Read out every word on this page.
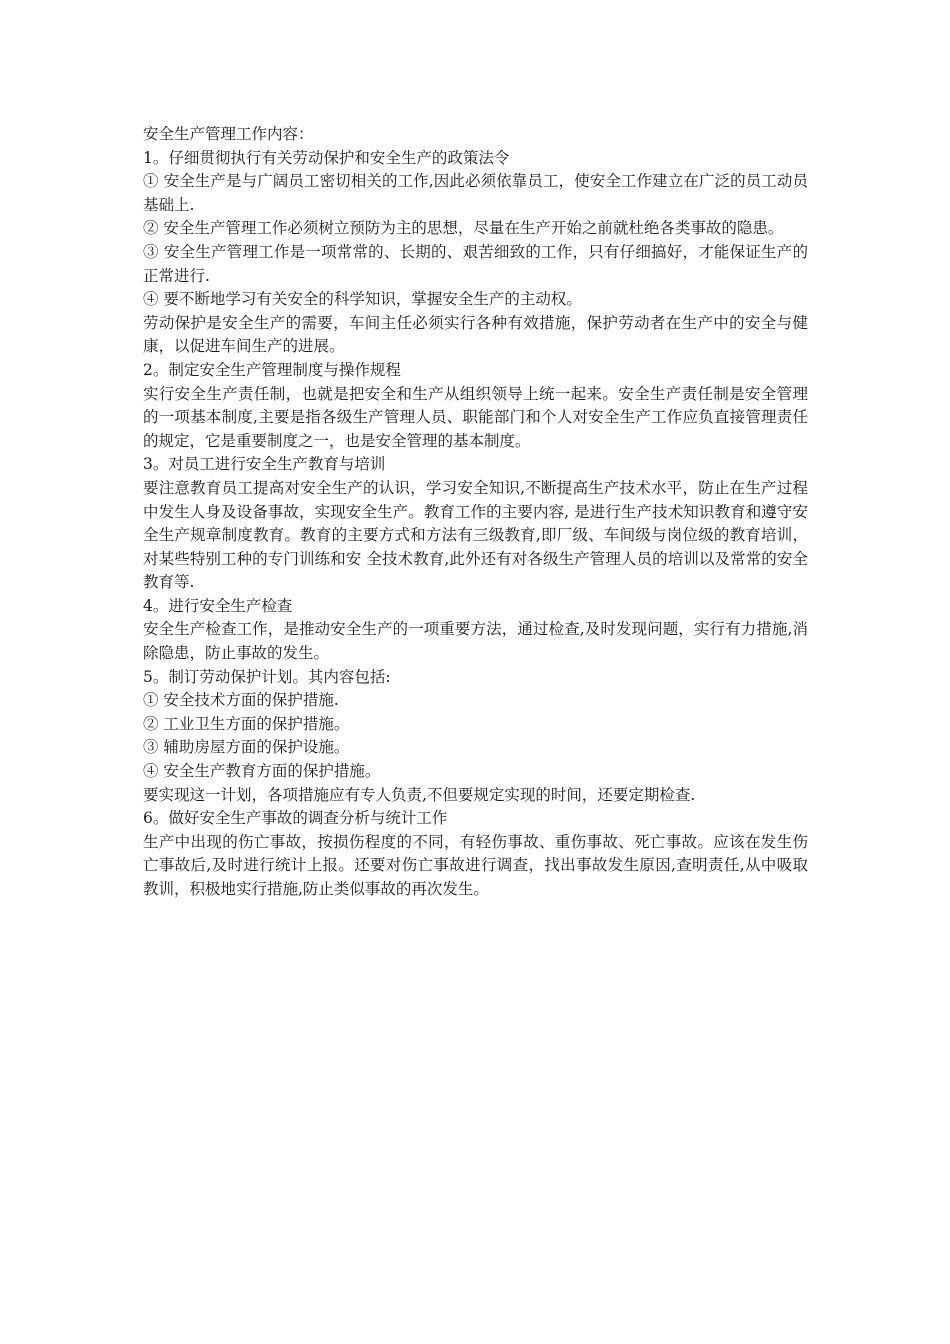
安全生产管理工作内容：

1。仔细贯彻执行有关劳动保护和安全生产的政策法令

① 安全生产是与广阔员工密切相关的工作,因此必须依靠员工，使安全工作建立在广泛的员工动员基础上.

② 安全生产管理工作必须树立预防为主的思想，尽量在生产开始之前就杜绝各类事故的隐患。

③ 安全生产管理工作是一项常常的、长期的、艰苦细致的工作，只有仔细搞好，才能保证生产的正常进行.

④ 要不断地学习有关安全的科学知识，掌握安全生产的主动权。

劳动保护是安全生产的需要，车间主任必须实行各种有效措施，保护劳动者在生产中的安全与健康，以促进车间生产的进展。

2。制定安全生产管理制度与操作规程

实行安全生产责任制，也就是把安全和生产从组织领导上统一起来。安全生产责任制是安全管理的一项基本制度,主要是指各级生产管理人员、职能部门和个人对安全生产工作应负直接管理责任的规定，它是重要制度之一，也是安全管理的基本制度。

3。对员工进行安全生产教育与培训

要注意教育员工提高对安全生产的认识，学习安全知识,不断提高生产技术水平，防止在生产过程中发生人身及设备事故，实现安全生产。教育工作的主要内容, 是进行生产技术知识教育和遵守安全生产规章制度教育。教育的主要方式和方法有三级教育,即厂级、车间级与岗位级的教育培训，对某些特别工种的专门训练和安 全技术教育,此外还有对各级生产管理人员的培训以及常常的安全教育等.

4。进行安全生产检查

安全生产检查工作，是推动安全生产的一项重要方法，通过检查,及时发现问题，实行有力措施,消除隐患，防止事故的发生。

5。制订劳动保护计划。其内容包括:

① 安全技术方面的保护措施.

② 工业卫生方面的保护措施。

③ 辅助房屋方面的保护设施。

④ 安全生产教育方面的保护措施。

要实现这一计划，各项措施应有专人负责,不但要规定实现的时间，还要定期检查.

6。做好安全生产事故的调查分析与统计工作

生产中出现的伤亡事故，按损伤程度的不同，有轻伤事故、重伤事故、死亡事故。应该在发生伤亡事故后,及时进行统计上报。还要对伤亡事故进行调查，找出事故发生原因,查明责任,从中吸取教训，积极地实行措施,防止类似事故的再次发生。
